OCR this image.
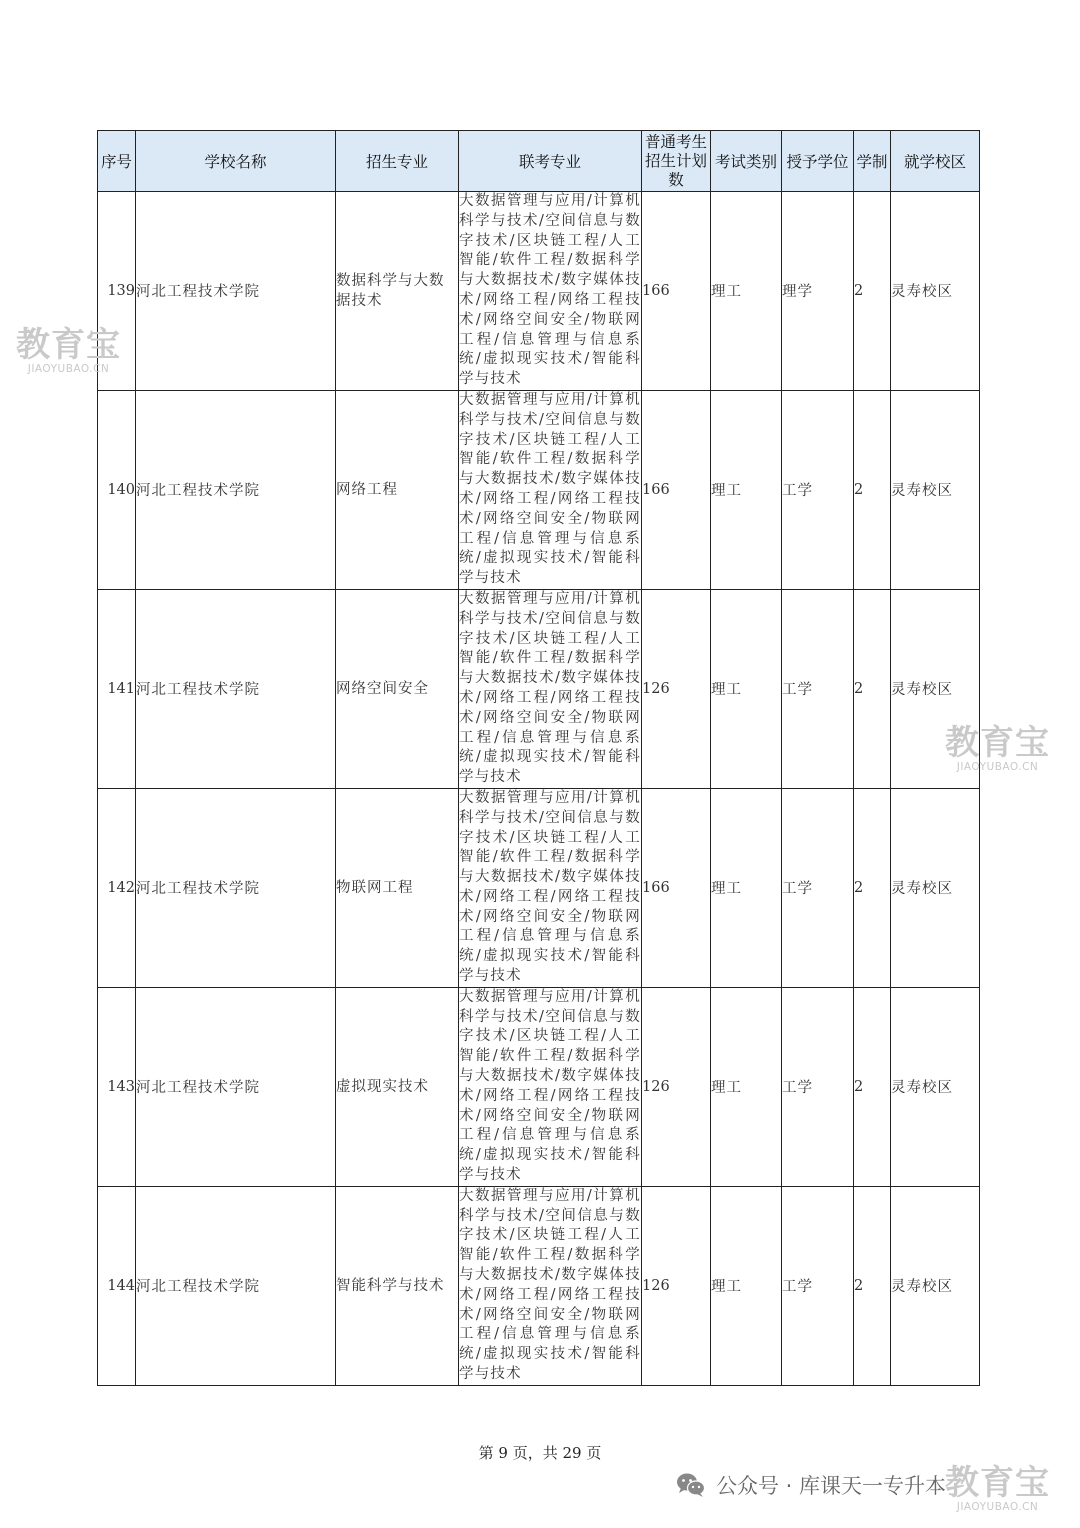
序号	学校名称	招生专业	联考专业	普通考生招生计划数	考试类别	授予学位	学制	就学校区
139	河北工程技术学院	数据科学与大数据技术	大数据管理与应用/计算机科学与技术/空间信息与数字技术/区块链工程/人工智能/软件工程/数据科学与大数据技术/数字媒体技术/网络工程/网络工程技术/网络空间安全/物联网工程/信息管理与信息系统/虚拟现实技术/智能科学与技术	166	理工	理学	2	灵寿校区
140	河北工程技术学院	网络工程	大数据管理与应用/计算机科学与技术/空间信息与数字技术/区块链工程/人工智能/软件工程/数据科学与大数据技术/数字媒体技术/网络工程/网络工程技术/网络空间安全/物联网工程/信息管理与信息系统/虚拟现实技术/智能科学与技术	166	理工	工学	2	灵寿校区
141	河北工程技术学院	网络空间安全	大数据管理与应用/计算机科学与技术/空间信息与数字技术/区块链工程/人工智能/软件工程/数据科学与大数据技术/数字媒体技术/网络工程/网络工程技术/网络空间安全/物联网工程/信息管理与信息系统/虚拟现实技术/智能科学与技术	126	理工	工学	2	灵寿校区
142	河北工程技术学院	物联网工程	大数据管理与应用/计算机科学与技术/空间信息与数字技术/区块链工程/人工智能/软件工程/数据科学与大数据技术/数字媒体技术/网络工程/网络工程技术/网络空间安全/物联网工程/信息管理与信息系统/虚拟现实技术/智能科学与技术	166	理工	工学	2	灵寿校区
143	河北工程技术学院	虚拟现实技术	大数据管理与应用/计算机科学与技术/空间信息与数字技术/区块链工程/人工智能/软件工程/数据科学与大数据技术/数字媒体技术/网络工程/网络工程技术/网络空间安全/物联网工程/信息管理与信息系统/虚拟现实技术/智能科学与技术	126	理工	工学	2	灵寿校区
144	河北工程技术学院	智能科学与技术	大数据管理与应用/计算机科学与技术/空间信息与数字技术/区块链工程/人工智能/软件工程/数据科学与大数据技术/数字媒体技术/网络工程/网络工程技术/网络空间安全/物联网工程/信息管理与信息系统/虚拟现实技术/智能科学与技术	126	理工	工学	2	灵寿校区
教育宝
JIAOYUBAO.CN
教育宝
JIAOYUBAO.CN
教育宝
JIAOYUBAO.CN
第 9 页，共 29 页
公众号 · 库课天一专升本
